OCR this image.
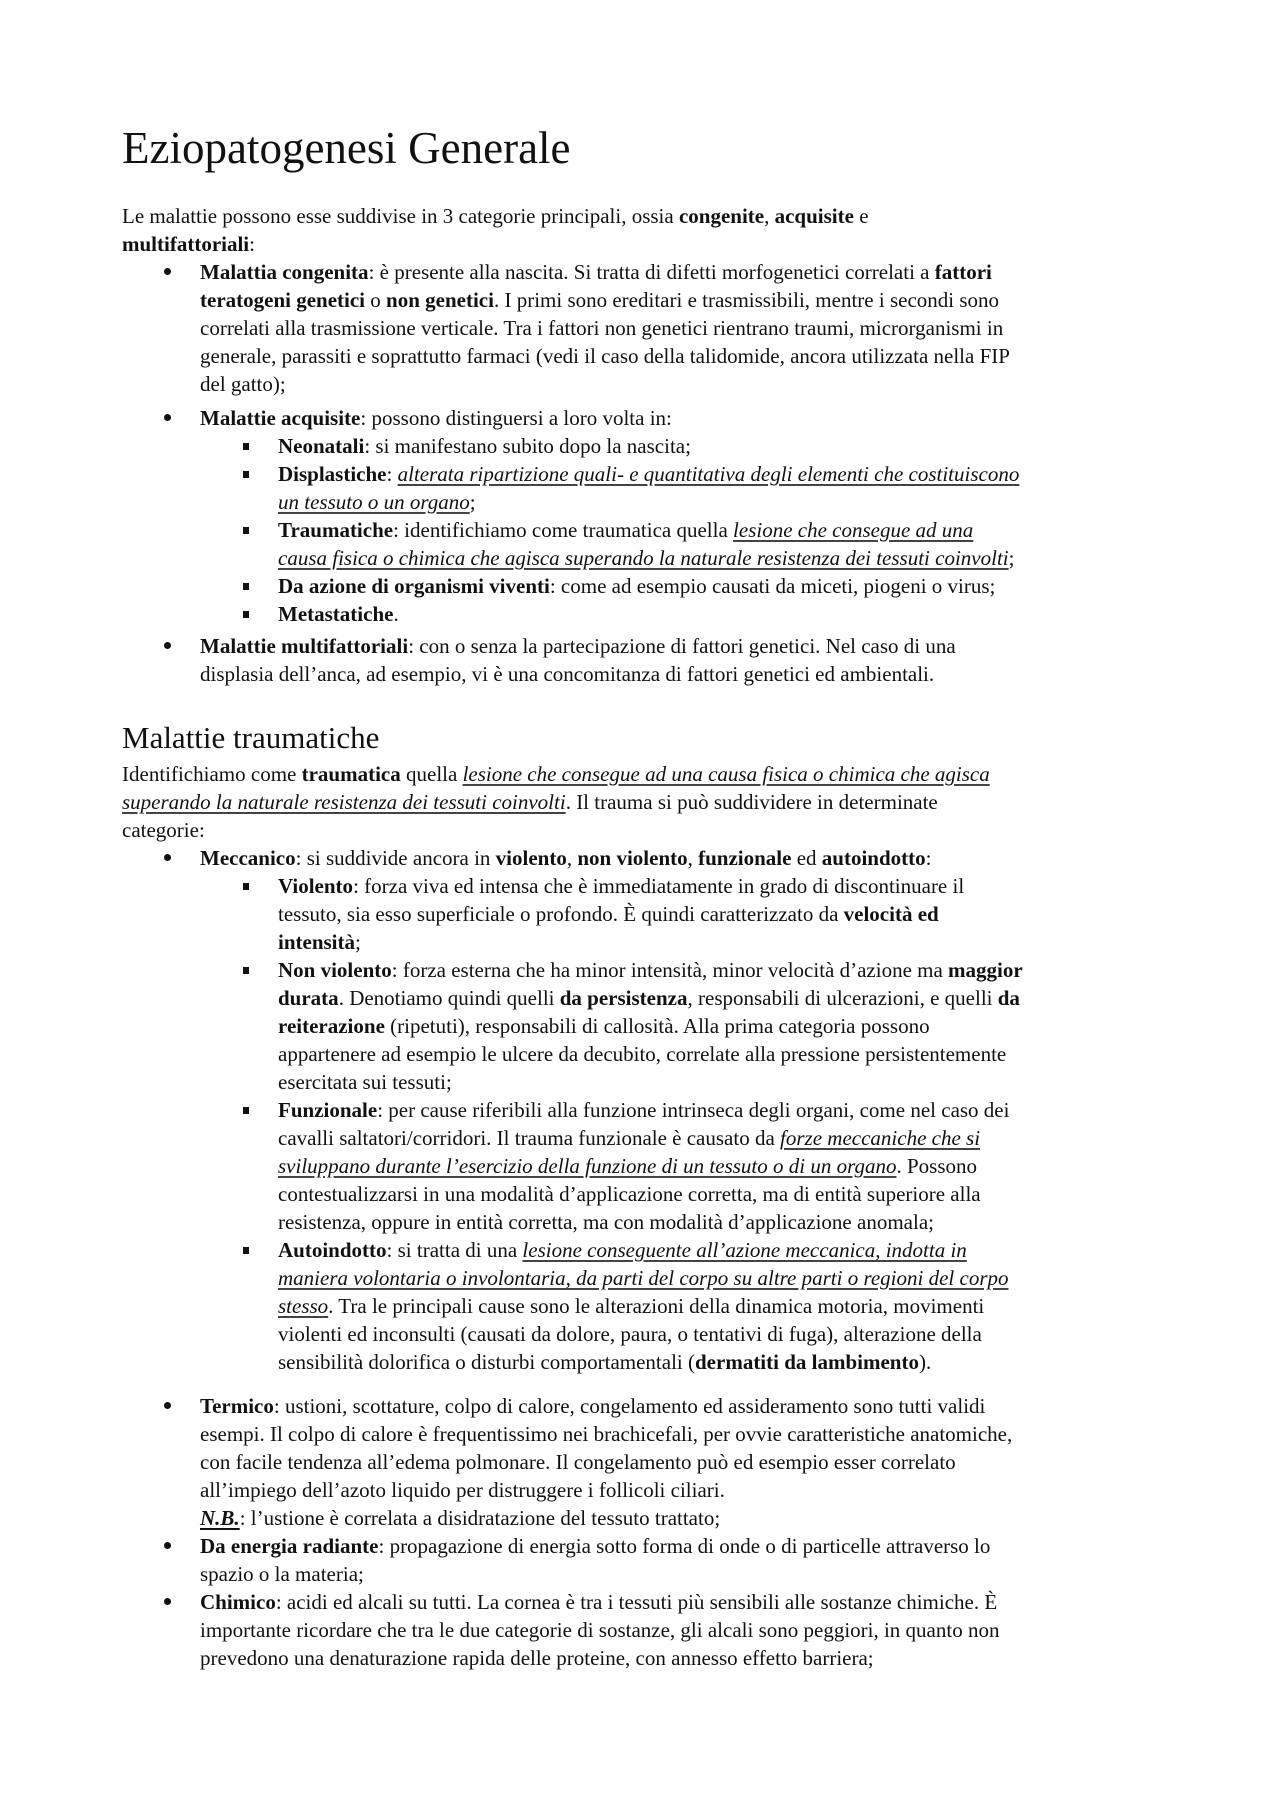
Eziopatogenesi Generale
Le malattie possono esse suddivise in 3 categorie principali, ossia congenite, acquisite e
multifattoriali:
Malattia congenita: è presente alla nascita. Si tratta di difetti morfogenetici correlati a fattori
teratogeni genetici o non genetici. I primi sono ereditari e trasmissibili, mentre i secondi sono
correlati alla trasmissione verticale. Tra i fattori non genetici rientrano traumi, microrganismi in
generale, parassiti e soprattutto farmaci (vedi il caso della talidomide, ancora utilizzata nella FIP
del gatto);
Malattie acquisite: possono distinguersi a loro volta in:
Neonatali: si manifestano subito dopo la nascita;
Displastiche: alterata ripartizione quali- e quantitativa degli elementi che costituiscono
un tessuto o un organo;
Traumatiche: identifichiamo come traumatica quella lesione che consegue ad una
causa fisica o chimica che agisca superando la naturale resistenza dei tessuti coinvolti;
Da azione di organismi viventi: come ad esempio causati da miceti, piogeni o virus;
Metastatiche.
Malattie multifattoriali: con o senza la partecipazione di fattori genetici. Nel caso di una
displasia dell’anca, ad esempio, vi è una concomitanza di fattori genetici ed ambientali.
Malattie traumatiche
Identifichiamo come traumatica quella lesione che consegue ad una causa fisica o chimica che agisca
superando la naturale resistenza dei tessuti coinvolti. Il trauma si può suddividere in determinate
categorie:
Meccanico: si suddivide ancora in violento, non violento, funzionale ed autoindotto:
Violento: forza viva ed intensa che è immediatamente in grado di discontinuare il
tessuto, sia esso superficiale o profondo. È quindi caratterizzato da velocità ed
intensità;
Non violento: forza esterna che ha minor intensità, minor velocità d’azione ma maggior
durata. Denotiamo quindi quelli da persistenza, responsabili di ulcerazioni, e quelli da
reiterazione (ripetuti), responsabili di callosità. Alla prima categoria possono
appartenere ad esempio le ulcere da decubito, correlate alla pressione persistentemente
esercitata sui tessuti;
Funzionale: per cause riferibili alla funzione intrinseca degli organi, come nel caso dei
cavalli saltatori/corridori. Il trauma funzionale è causato da forze meccaniche che si
sviluppano durante l’esercizio della funzione di un tessuto o di un organo. Possono
contestualizzarsi in una modalità d’applicazione corretta, ma di entità superiore alla
resistenza, oppure in entità corretta, ma con modalità d’applicazione anomala;
Autoindotto: si tratta di una lesione conseguente all’azione meccanica, indotta in
maniera volontaria o involontaria, da parti del corpo su altre parti o regioni del corpo
stesso. Tra le principali cause sono le alterazioni della dinamica motoria, movimenti
violenti ed inconsulti (causati da dolore, paura, o tentativi di fuga), alterazione della
sensibilità dolorifica o disturbi comportamentali (dermatiti da lambimento).
Termico: ustioni, scottature, colpo di calore, congelamento ed assideramento sono tutti validi
esempi. Il colpo di calore è frequentissimo nei brachicefali, per ovvie caratteristiche anatomiche,
con facile tendenza all’edema polmonare. Il congelamento può ed esempio esser correlato
all’impiego dell’azoto liquido per distruggere i follicoli ciliari.
N.B.: l’ustione è correlata a disidratazione del tessuto trattato;
Da energia radiante: propagazione di energia sotto forma di onde o di particelle attraverso lo
spazio o la materia;
Chimico: acidi ed alcali su tutti. La cornea è tra i tessuti più sensibili alle sostanze chimiche. È
importante ricordare che tra le due categorie di sostanze, gli alcali sono peggiori, in quanto non
prevedono una denaturazione rapida delle proteine, con annesso effetto barriera;
